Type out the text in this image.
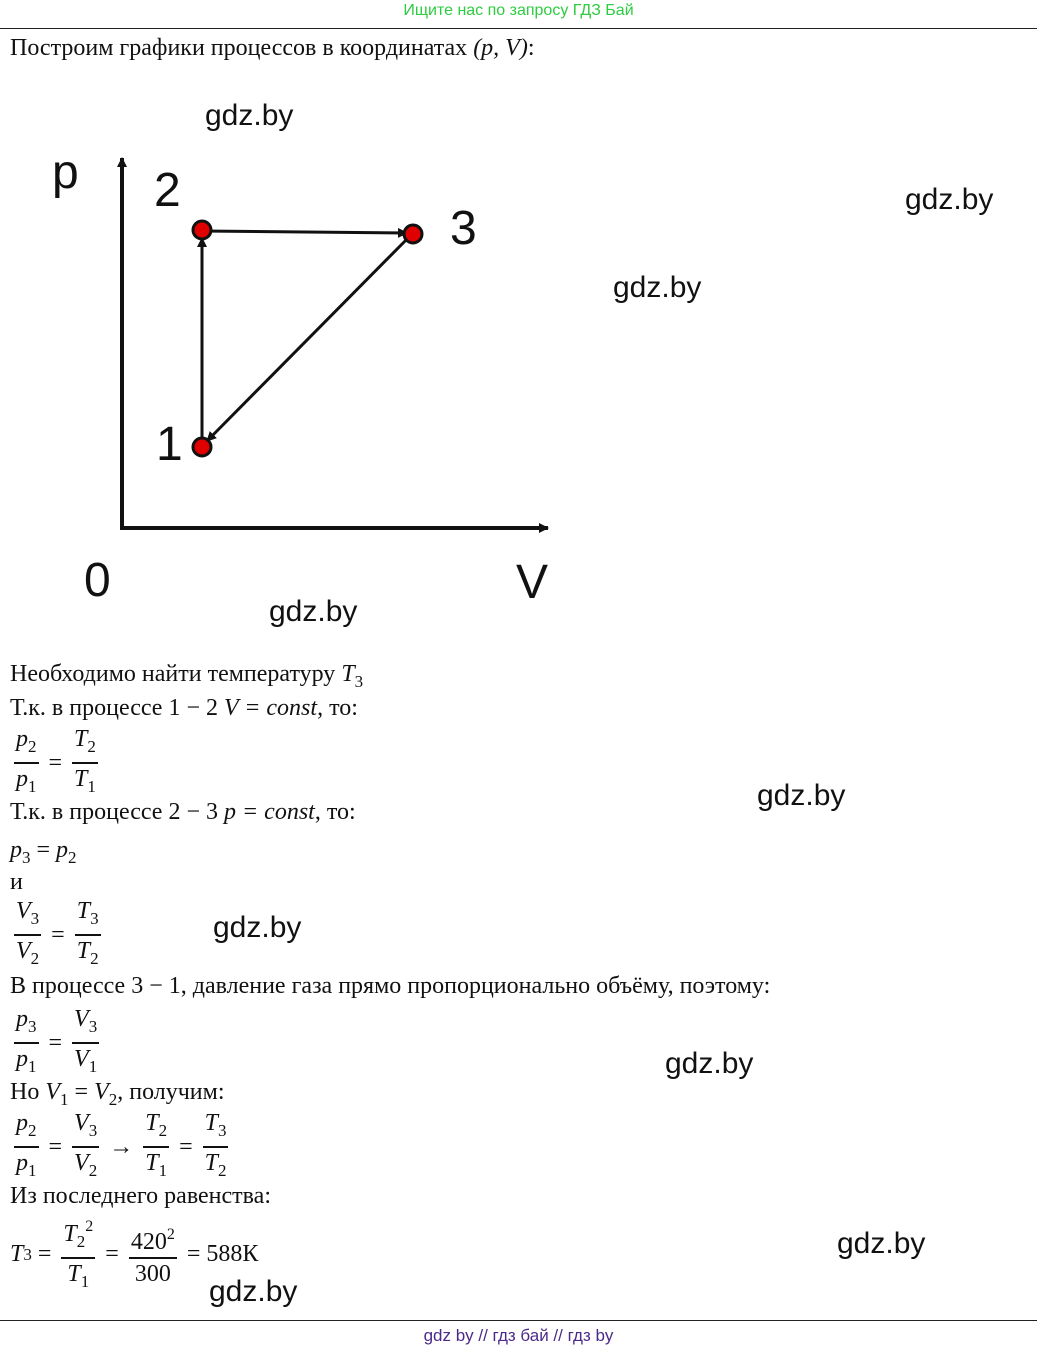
Ищите нас по запросу ГДЗ Бай
Построим графики процессов в координатах (p, V):
p
V
0
1
2
3
gdz.by
gdz.by
gdz.by
gdz.by
gdz.by
gdz.by
gdz.by
gdz.by
gdz.by
Необходимо найти температуру $T_3$
Т.к. в процессе 1 − 2 V = const, то:
$\frac{p_2}{p_1} = \frac{T_2}{T_1}$
Т.к. в процессе 2 − 3 p = const, то:
$p_3 = p_2$
и
$\frac{V_3}{V_2} = \frac{T_3}{T_2}$
В процессе 3 − 1, давление газа прямо пропорционально объёму, поэтому:
$\frac{p_3}{p_1} = \frac{V_3}{V_1}$
Но $V_1 = V_2$, получим:
$\frac{p_2}{p_1} = \frac{V_3}{V_2} \to \frac{T_2}{T_1} = \frac{T_3}{T_2}$
Из последнего равенства:
T $3 = \frac{T_2^2}{T_1} = \frac{420^2}{300} = 588К$
gdz by // гдз бай // гдз by
